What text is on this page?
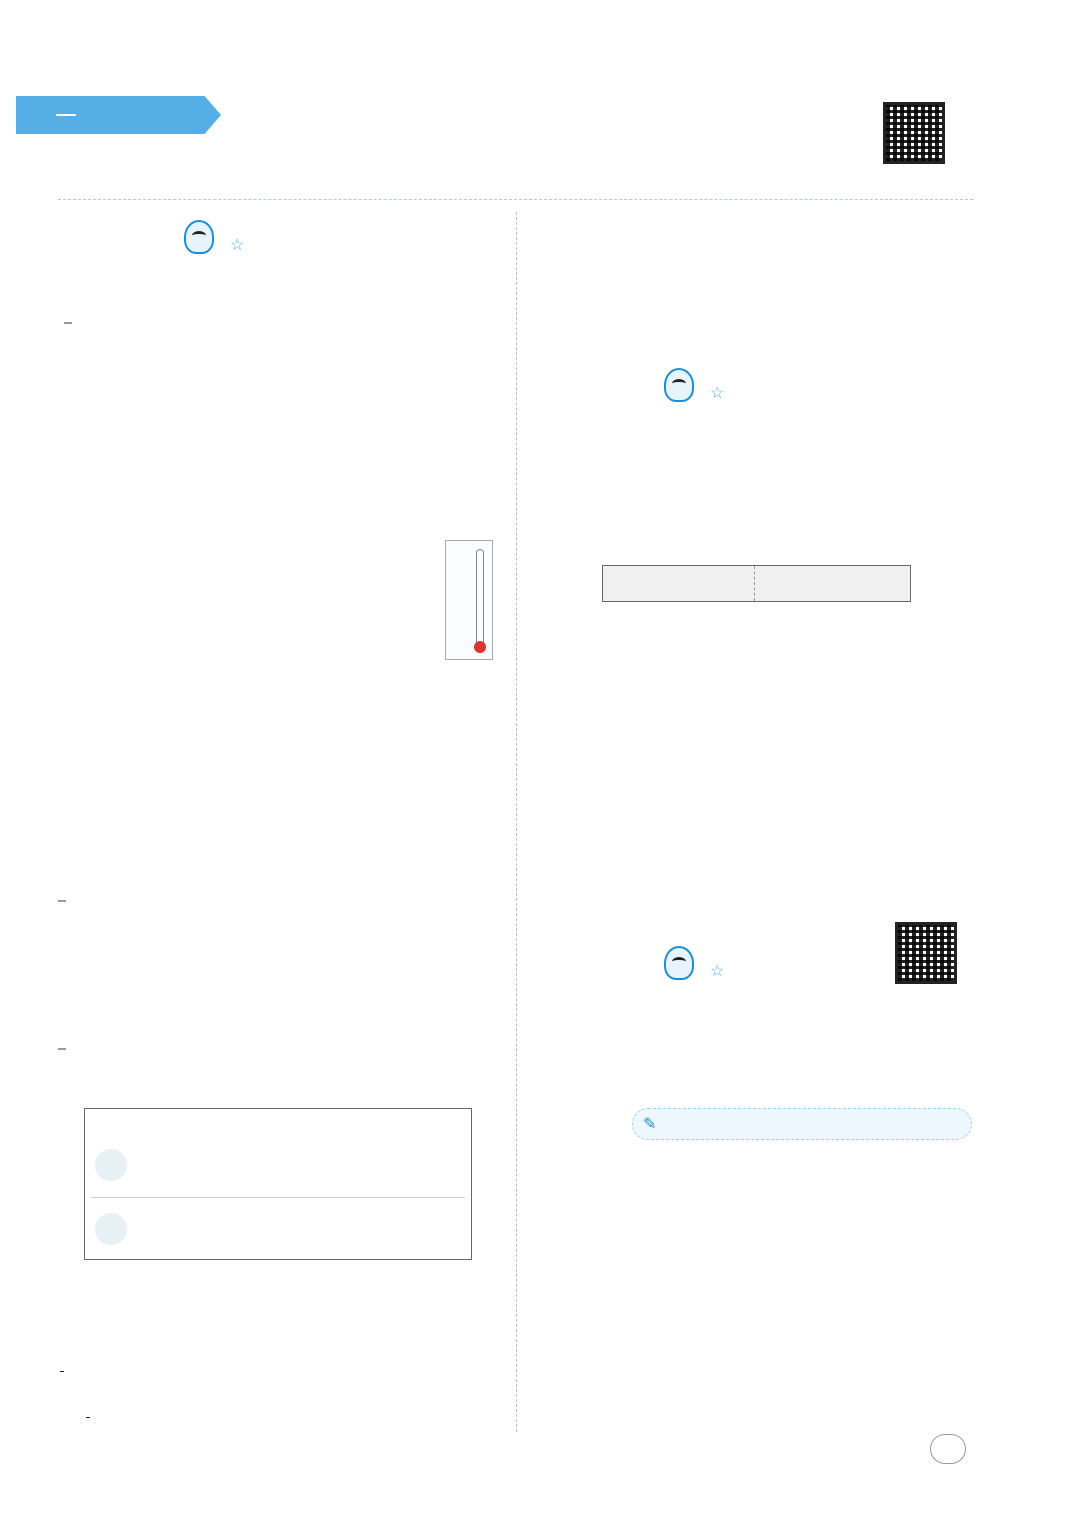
☆

☆

☆
✎
